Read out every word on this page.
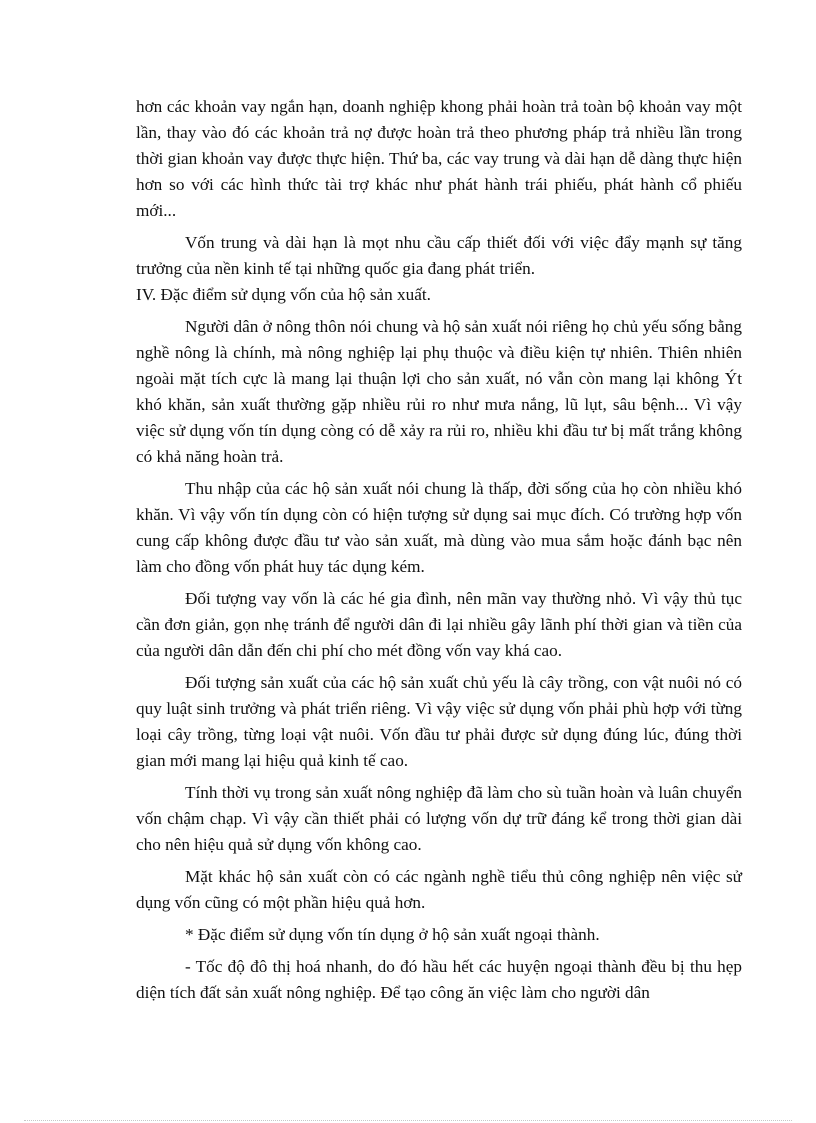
hơn các khoản vay ngắn hạn, doanh nghiệp khong phải hoàn trả toàn bộ khoản vay một lần, thay vào đó các khoản trả nợ được hoàn trả theo phương pháp trả nhiều lần trong thời gian khoản vay được thực hiện. Thứ ba, các vay trung và dài hạn dễ dàng thực hiện hơn so với các hình thức tài trợ khác như phát hành trái phiếu, phát hành cổ phiếu mới...

Vốn trung và dài hạn là mọt nhu cầu cấp thiết đối với việc đẩy mạnh sự tăng trưởng của nền kinh tế tại những quốc gia đang phát triển.

IV. Đặc điểm sử dụng vốn của hộ sản xuất.

Người dân ở nông thôn nói chung và hộ sản xuất nói riêng họ chủ yếu sống bằng nghề nông là chính, mà nông nghiệp lại phụ thuộc và điều kiện tự nhiên. Thiên nhiên ngoài mặt tích cực là mang lại thuận lợi cho sản xuất, nó vẫn còn mang lại không Ýt khó khăn, sản xuất thường gặp nhiều rủi ro như mưa nắng, lũ lụt, sâu bệnh... Vì vậy việc sử dụng vốn tín dụng còng có dễ xảy ra rủi ro, nhiều khi đầu tư bị mất trắng không có khả năng hoàn trả.

Thu nhập của các hộ sản xuất nói chung là thấp, đời sống của họ còn nhiều khó khăn. Vì vậy vốn tín dụng còn có hiện tượng sử dụng sai mục đích. Có trường hợp vốn cung cấp không được đầu tư vào sản xuất, mà dùng vào mua sắm hoặc đánh bạc nên làm cho đồng vốn phát huy tác dụng kém.

Đối tượng vay vốn là các hé gia đình, nên mãn vay thường nhỏ. Vì vậy thủ tục cần đơn giản, gọn nhẹ tránh để người dân đi lại nhiều gây lãnh phí thời gian và tiền của của người dân dẫn đến chi phí cho mét đồng vốn vay khá cao.

Đối tượng sản xuất của các hộ sản xuất chủ yếu là cây trồng, con vật nuôi nó có quy luật sinh trưởng và phát triển riêng. Vì vậy việc sử dụng vốn phải phù hợp với từng loại cây trồng, từng loại vật nuôi. Vốn đầu tư phải được sử dụng đúng lúc, đúng thời gian mới mang lại hiệu quả kinh tế cao.

Tính thời vụ trong sản xuất nông nghiệp đã làm cho sù tuần hoàn và luân chuyển vốn chậm chạp. Vì vậy cần thiết phải có lượng vốn dự trữ đáng kể trong thời gian dài cho nên hiệu quả sử dụng vốn không cao.

Mặt khác hộ sản xuất còn có các ngành nghề tiểu thủ công nghiệp nên việc sử dụng vốn cũng có một phần hiệu quả hơn.

* Đặc điểm sử dụng vốn tín dụng ở hộ sản xuất ngoại thành.

- Tốc độ đô thị hoá nhanh, do đó hầu hết các huyện ngoại thành đều bị thu hẹp diện tích đất sản xuất nông nghiệp. Để tạo công ăn việc làm cho người dân
